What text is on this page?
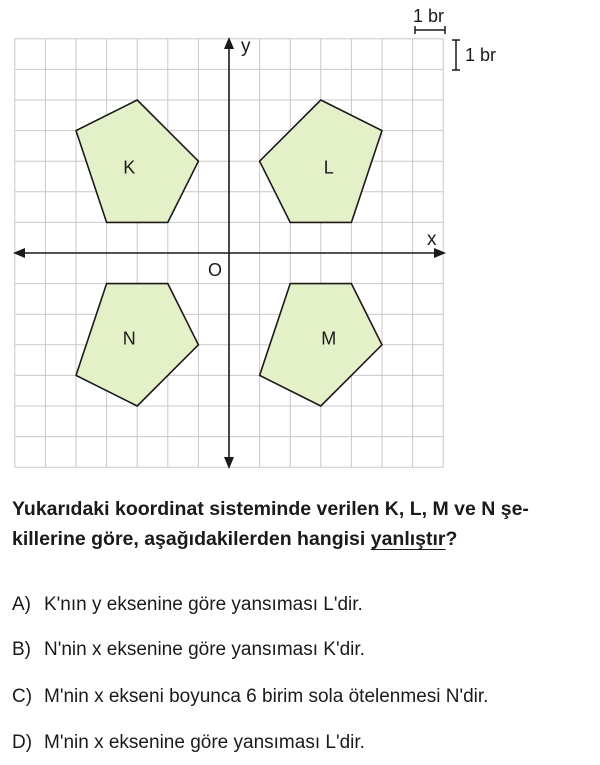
K	L
M
N
x
y
O
1 br
1 br
Yukarıdaki koordinat sisteminde verilen K, L, M ve N şe-
killerine göre, aşağıdakilerden hangisi yanlıştır?
A) K'nın y eksenine göre yansıması L'dir.
B) N'nin x eksenine göre yansıması K'dir.
C) M'nin x ekseni boyunca 6 birim sola ötelenmesi N'dir.
D) M'nin x eksenine göre yansıması L'dir.
